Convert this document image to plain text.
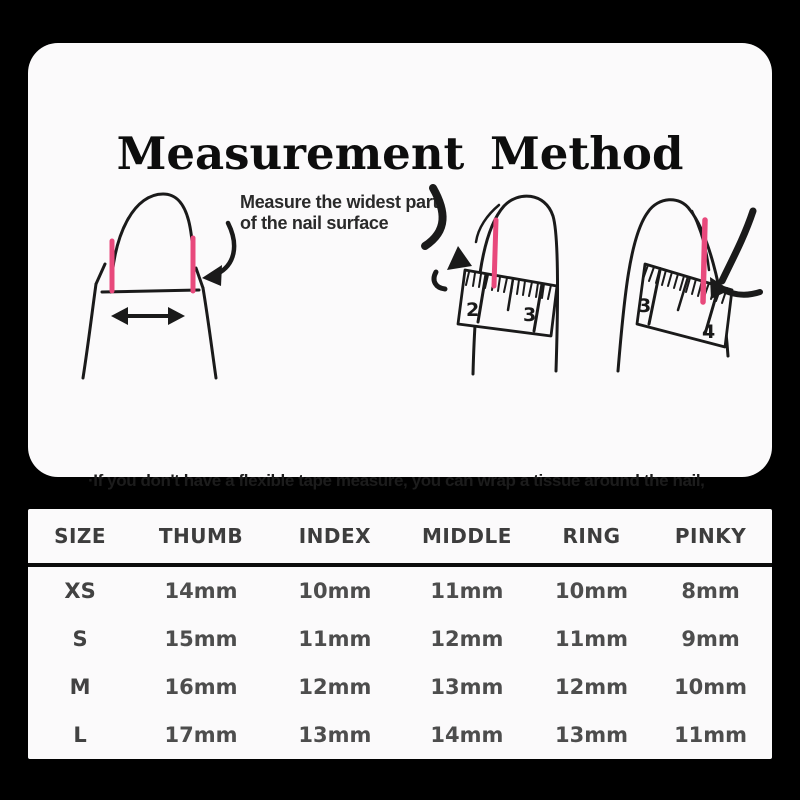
Measurement Method
Measure the widest part
of the nail surface
2 3	3
4

·If you don't have a flexible tape measure, you can wrap a tissue around the nail,

SIZE	THUMB	INDEX	MIDDLE	RING	PINKY
XS	14mm	10mm	11mm 10mm	8mm
S	15mm	11mm	12mm 11mm	9mm
M	16mm	12mm	13mm 12mm 10mm
L	17mm	13mm	14mm 13mm 11mm
